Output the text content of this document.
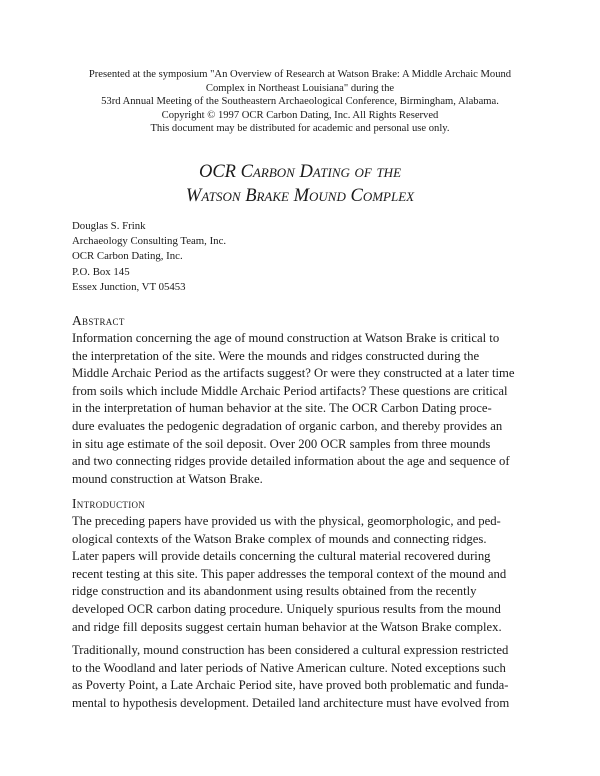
Presented at the symposium "An Overview of Research at Watson Brake: A Middle Archaic Mound
Complex in Northeast Louisiana" during the
53rd Annual Meeting of the Southeastern Archaeological Conference, Birmingham, Alabama.
Copyright © 1997 OCR Carbon Dating, Inc. All Rights Reserved
This document may be distributed for academic and personal use only.
OCR Carbon Dating of the
Watson Brake Mound Complex
Douglas S. Frink
Archaeology Consulting Team, Inc.
OCR Carbon Dating, Inc.
P.O. Box 145
Essex Junction, VT 05453
Abstract
Information concerning the age of mound construction at Watson Brake is critical to
the interpretation of the site. Were the mounds and ridges constructed during the
Middle Archaic Period as the artifacts suggest? Or were they constructed at a later time
from soils which include Middle Archaic Period artifacts? These questions are critical
in the interpretation of human behavior at the site. The OCR Carbon Dating proce-
dure evaluates the pedogenic degradation of organic carbon, and thereby provides an
in situ age estimate of the soil deposit. Over 200 OCR samples from three mounds
and two connecting ridges provide detailed information about the age and sequence of
mound construction at Watson Brake.
Introduction
The preceding papers have provided us with the physical, geomorphologic, and ped-
ological contexts of the Watson Brake complex of mounds and connecting ridges.
Later papers will provide details concerning the cultural material recovered during
recent testing at this site. This paper addresses the temporal context of the mound and
ridge construction and its abandonment using results obtained from the recently
developed OCR carbon dating procedure. Uniquely spurious results from the mound
and ridge fill deposits suggest certain human behavior at the Watson Brake complex.
Traditionally, mound construction has been considered a cultural expression restricted
to the Woodland and later periods of Native American culture. Noted exceptions such
as Poverty Point, a Late Archaic Period site, have proved both problematic and funda-
mental to hypothesis development. Detailed land architecture must have evolved from
